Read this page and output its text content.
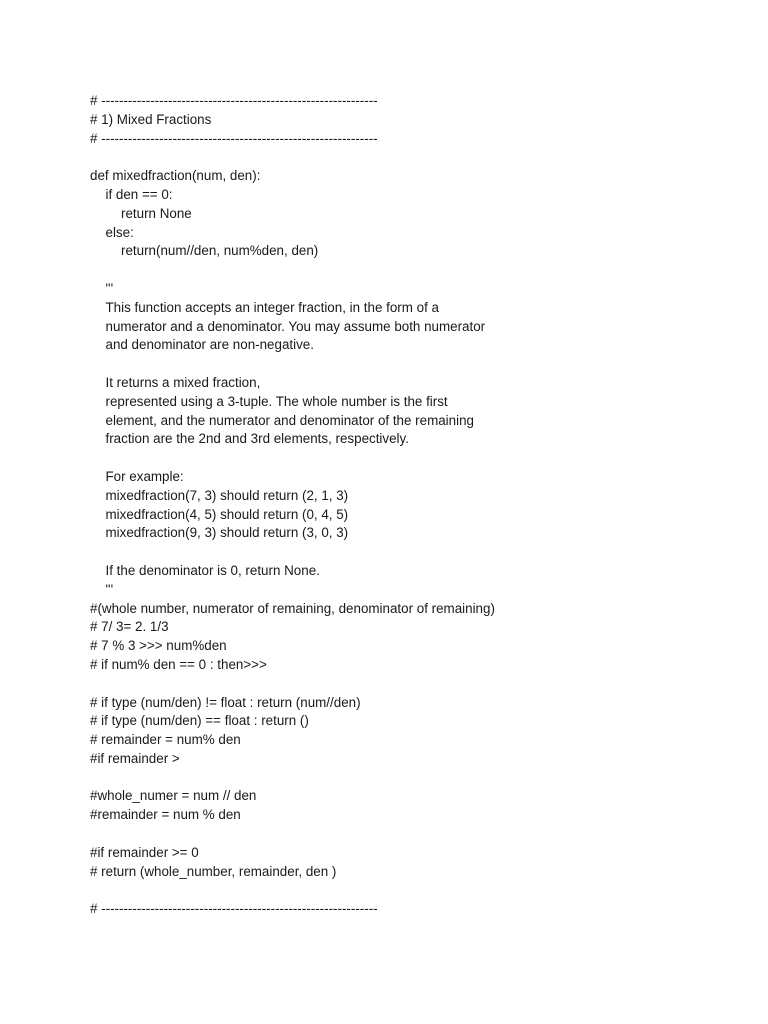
# --------------------------------------------------------------
# 1) Mixed Fractions
# --------------------------------------------------------------
def mixedfraction(num, den):
if den == 0:
return None
else:
return(num//den, num%den, den)
'''
This function accepts an integer fraction, in the form of a
numerator and a denominator. You may assume both numerator
and denominator are non-negative.
It returns a mixed fraction,
represented using a 3-tuple. The whole number is the first
element, and the numerator and denominator of the remaining
fraction are the 2nd and 3rd elements, respectively.
For example:
mixedfraction(7, 3) should return (2, 1, 3)
mixedfraction(4, 5) should return (0, 4, 5)
mixedfraction(9, 3) should return (3, 0, 3)
If the denominator is 0, return None.
'''
#(whole number, numerator of remaining, denominator of remaining)
# 7/ 3= 2. 1/3
# 7 % 3 >>> num%den
# if num% den == 0 : then>>>
# if type (num/den) != float : return (num//den)
# if type (num/den) == float : return ()
# remainder = num% den
#if remainder >
#whole_numer = num // den
#remainder = num % den
#if remainder >= 0
# return (whole_number, remainder, den )
# --------------------------------------------------------------
